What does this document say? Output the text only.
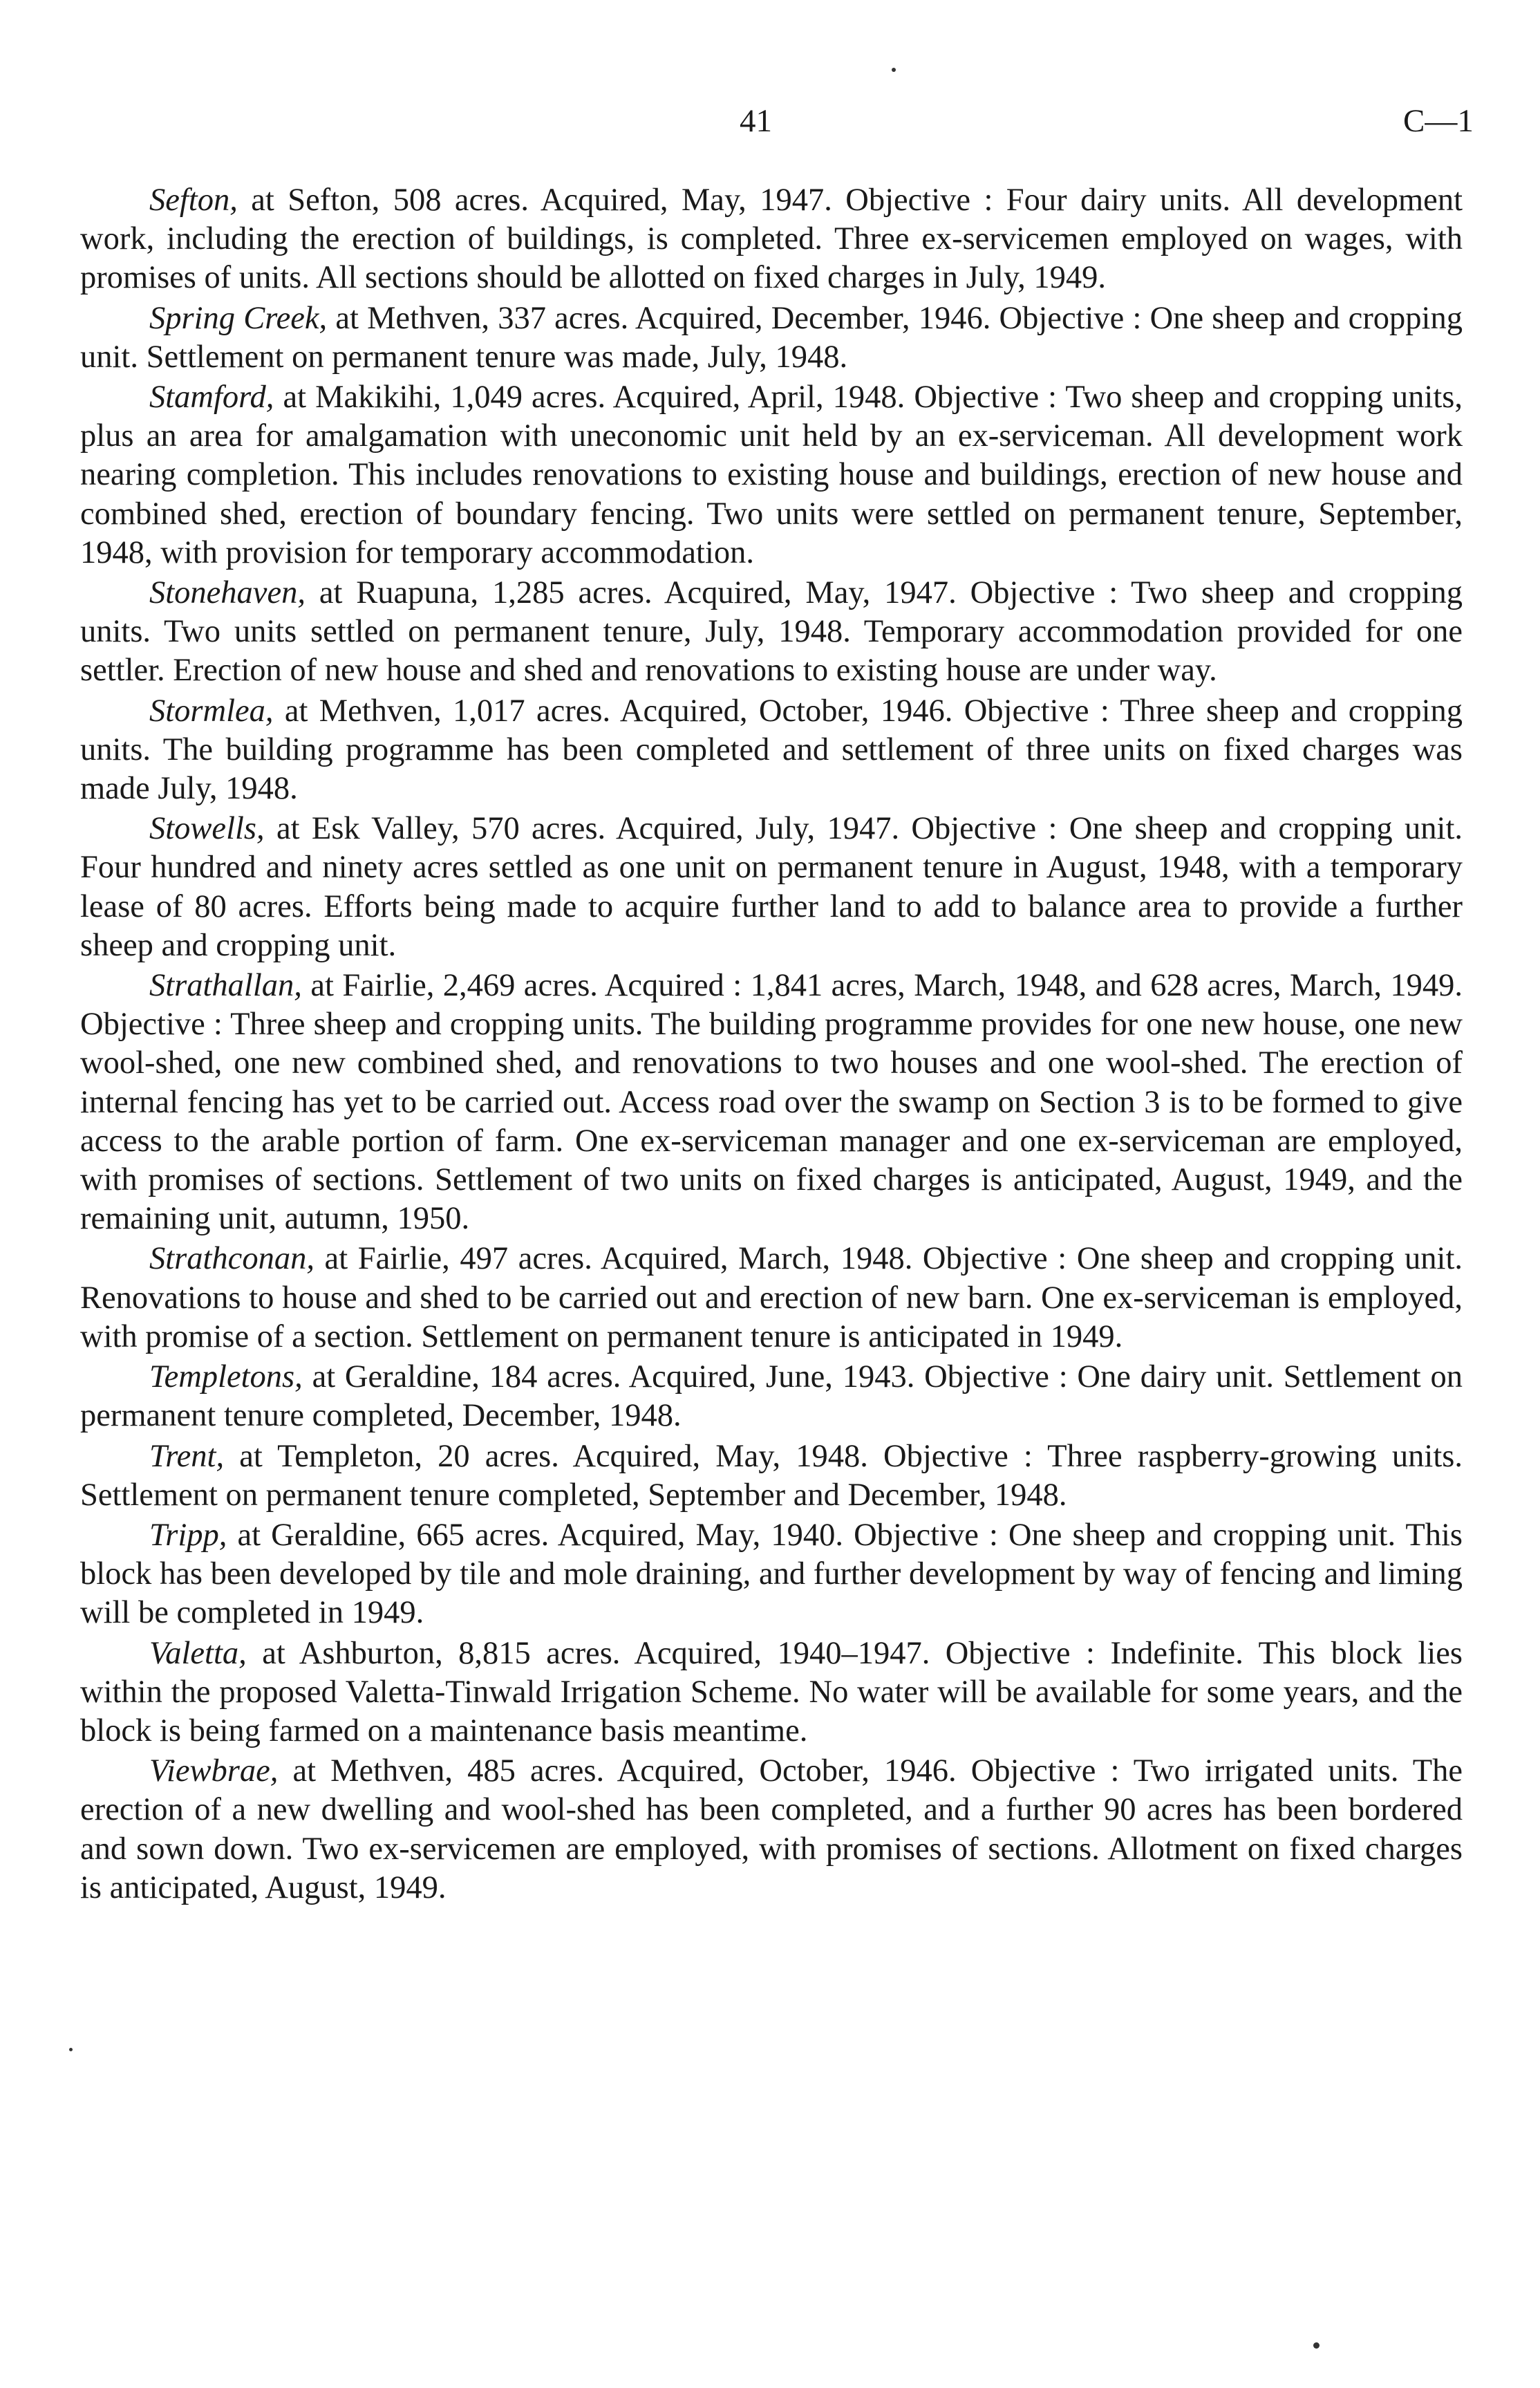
41	C—1

Sefton, at Sefton, 508 acres. Acquired, May, 1947. Objective : Four dairy units. All development work, including the erection of buildings, is completed. Three ex-servicemen employed on wages, with promises of units. All sections should be allotted on fixed charges in July, 1949.

Spring Creek, at Methven, 337 acres. Acquired, December, 1946. Objective : One sheep and cropping unit. Settlement on permanent tenure was made, July, 1948.

Stamford, at Makikihi, 1,049 acres. Acquired, April, 1948. Objective : Two sheep and cropping units, plus an area for amalgamation with uneconomic unit held by an ex-serviceman. All development work nearing completion. This includes renovations to existing house and buildings, erection of new house and combined shed, erection of boundary fencing. Two units were settled on permanent tenure, September, 1948, with provision for temporary accommodation.

Stonehaven, at Ruapuna, 1,285 acres. Acquired, May, 1947. Objective : Two sheep and cropping units. Two units settled on permanent tenure, July, 1948. Temporary accommodation provided for one settler. Erection of new house and shed and renovations to existing house are under way.

Stormlea, at Methven, 1,017 acres. Acquired, October, 1946. Objective : Three sheep and cropping units. The building programme has been completed and settlement of three units on fixed charges was made July, 1948.

Stowells, at Esk Valley, 570 acres. Acquired, July, 1947. Objective : One sheep and cropping unit. Four hundred and ninety acres settled as one unit on permanent tenure in August, 1948, with a temporary lease of 80 acres. Efforts being made to acquire further land to add to balance area to provide a further sheep and cropping unit.

Strathallan, at Fairlie, 2,469 acres. Acquired : 1,841 acres, March, 1948, and 628 acres, March, 1949. Objective : Three sheep and cropping units. The building programme provides for one new house, one new wool-shed, one new combined shed, and renovations to two houses and one wool-shed. The erection of internal fencing has yet to be carried out. Access road over the swamp on Section 3 is to be formed to give access to the arable portion of farm. One ex-serviceman manager and one ex-serviceman are employed, with promises of sections. Settlement of two units on fixed charges is anticipated, August, 1949, and the remaining unit, autumn, 1950.

Strathconan, at Fairlie, 497 acres. Acquired, March, 1948. Objective : One sheep and cropping unit. Renovations to house and shed to be carried out and erection of new barn. One ex-serviceman is employed, with promise of a section. Settlement on permanent tenure is anticipated in 1949.

Templetons, at Geraldine, 184 acres. Acquired, June, 1943. Objective : One dairy unit. Settlement on permanent tenure completed, December, 1948.

Trent, at Templeton, 20 acres. Acquired, May, 1948. Objective : Three raspberry-growing units. Settlement on permanent tenure completed, September and December, 1948.

Tripp, at Geraldine, 665 acres. Acquired, May, 1940. Objective : One sheep and cropping unit. This block has been developed by tile and mole draining, and further development by way of fencing and liming will be completed in 1949.

Valetta, at Ashburton, 8,815 acres. Acquired, 1940–1947. Objective : Indefinite. This block lies within the proposed Valetta-Tinwald Irrigation Scheme. No water will be available for some years, and the block is being farmed on a maintenance basis meantime.

Viewbrae, at Methven, 485 acres. Acquired, October, 1946. Objective : Two irrigated units. The erection of a new dwelling and wool-shed has been completed, and a further 90 acres has been bordered and sown down. Two ex-servicemen are employed, with promises of sections. Allotment on fixed charges is anticipated, August, 1949.
